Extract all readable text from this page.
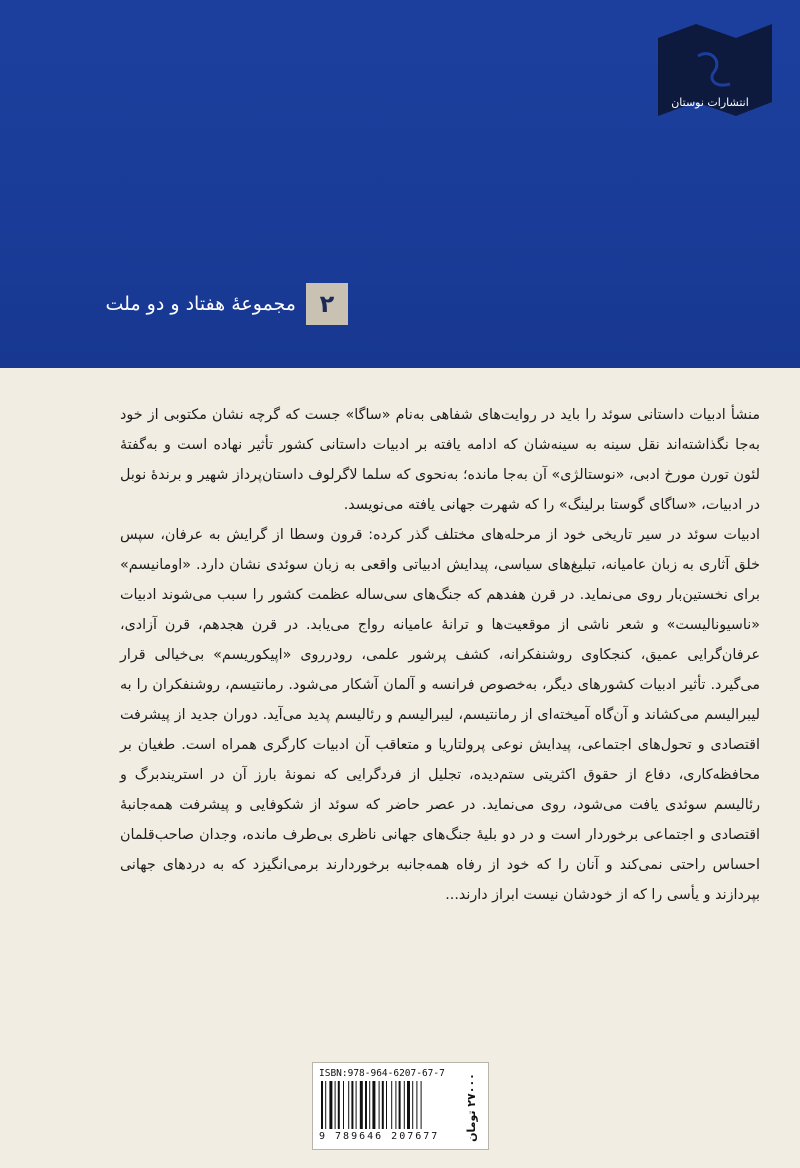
انتشارات نوستان
۲
مجموعهٔ هفتاد و دو ملت

منشأ ادبیات داستانی سوئد را باید در روایت‌های شفاهی به‌نام «ساگا» جست که گرچه نشان مکتوبی از خود به‌جا نگذاشته‌اند نقل سینه به سینه‌شان که ادامه یافته بر ادبیات داستانی کشور تأثیر نهاده است و به‌گفتهٔ لئون تورن مورخ ادبی، «نوستالژی» آن به‌جا مانده؛ به‌نحوی که سلما لاگرلوف داستان‌پرداز شهیر و برندهٔ نوبل در ادبیات، «ساگای گوستا برلینگ» را که شهرت جهانی یافته می‌نویسد.

ادبیات سوئد در سیر تاریخی خود از مرحله‌های مختلف گذر کرده: قرون وسطا از گرایش به عرفان، سپس خلق آثاری به زبان عامیانه، تبلیغ‌های سیاسی، پیدایش ادبیاتی واقعی به زبان سوئدی نشان دارد. «اومانیسم» برای نخستین‌بار روی می‌نماید. در قرن هفدهم که جنگ‌های سی‌ساله عظمت کشور را سبب می‌شوند ادبیات «ناسیونالیست» و شعر ناشی از موقعیت‌ها و ترانهٔ عامیانه رواج می‌یابد. در قرن هجدهم، قرن آزادی، عرفان‌گرایی عمیق، کنجکاوی روشنفکرانه، کشف پرشور علمی، رودرروی «اپیکوریسم» بی‌خیالی قرار می‌گیرد. تأثیر ادبیات کشورهای دیگر، به‌خصوص فرانسه و آلمان آشکار می‌شود. رمانتیسم، روشنفکران را به لیبرالیسم می‌کشاند و آن‌گاه آمیخته‌ای از رمانتیسم، لیبرالیسم و رئالیسم پدید می‌آید. دوران جدید از پیشرفت اقتصادی و تحول‌های اجتماعی، پیدایش نوعی پرولتاریا و متعاقب آن ادبیات کارگری همراه است. طغیان بر محافظه‌کاری، دفاع از حقوق اکثریتی ستم‌دیده، تجلیل از فردگرایی که نمونهٔ بارز آن در استریندبرگ و رئالیسم سوئدی یافت می‌شود، روی می‌نماید. در عصر حاضر که سوئد از شکوفایی و پیشرفت همه‌جانبهٔ اقتصادی و اجتماعی برخوردار است و در دو بلیهٔ جنگ‌های جهانی ناظری بی‌طرف مانده، وجدان صاحب‌قلمان احساس راحتی نمی‌کند و آنان را که خود از رفاه همه‌جانبه برخوردارند برمی‌انگیزد که به دردهای جهانی بپردازند و یأسی را که از خودشان نیست ابراز دارند...

ISBN:978-964-6207-67-7
9 789646 207677 ۲۷۰۰۰ تومان
